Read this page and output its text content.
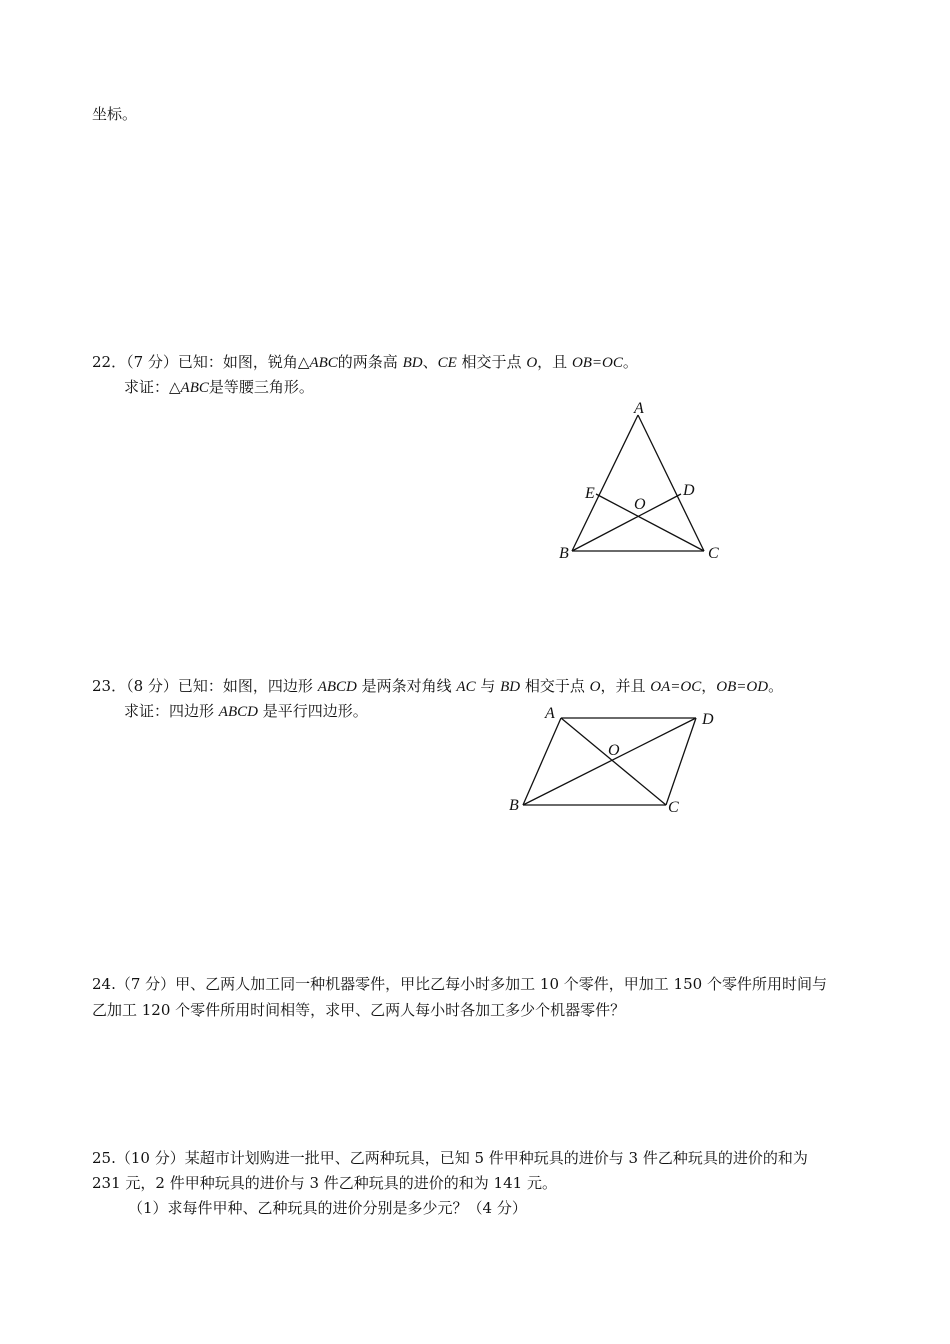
坐标。
22．（7 分）已知：如图，锐角△ABC的两条高 BD、CE 相交于点 O，且 OB=OC。
求证：△ABC是等腰三角形。
A
B	C
D
E
O
23．（8 分）已知：如图，四边形 ABCD 是两条对角线 AC 与 BD 相交于点 O，并且 OA=OC，OB=OD。
求证：四边形 ABCD 是平行四边形。	A
B	C
D
O
24.（7 分）甲、乙两人加工同一种机器零件，甲比乙每小时多加工 10 个零件，甲加工 150 个零件所用时间与
乙加工 120 个零件所用时间相等，求甲、乙两人每小时各加工多少个机器零件？
25.（10 分）某超市计划购进一批甲、乙两种玩具，已知 5 件甲种玩具的进价与 3 件乙种玩具的进价的和为
231 元，2 件甲种玩具的进价与 3 件乙种玩具的进价的和为 141 元。
（1）求每件甲种、乙种玩具的进价分别是多少元？（4 分）
